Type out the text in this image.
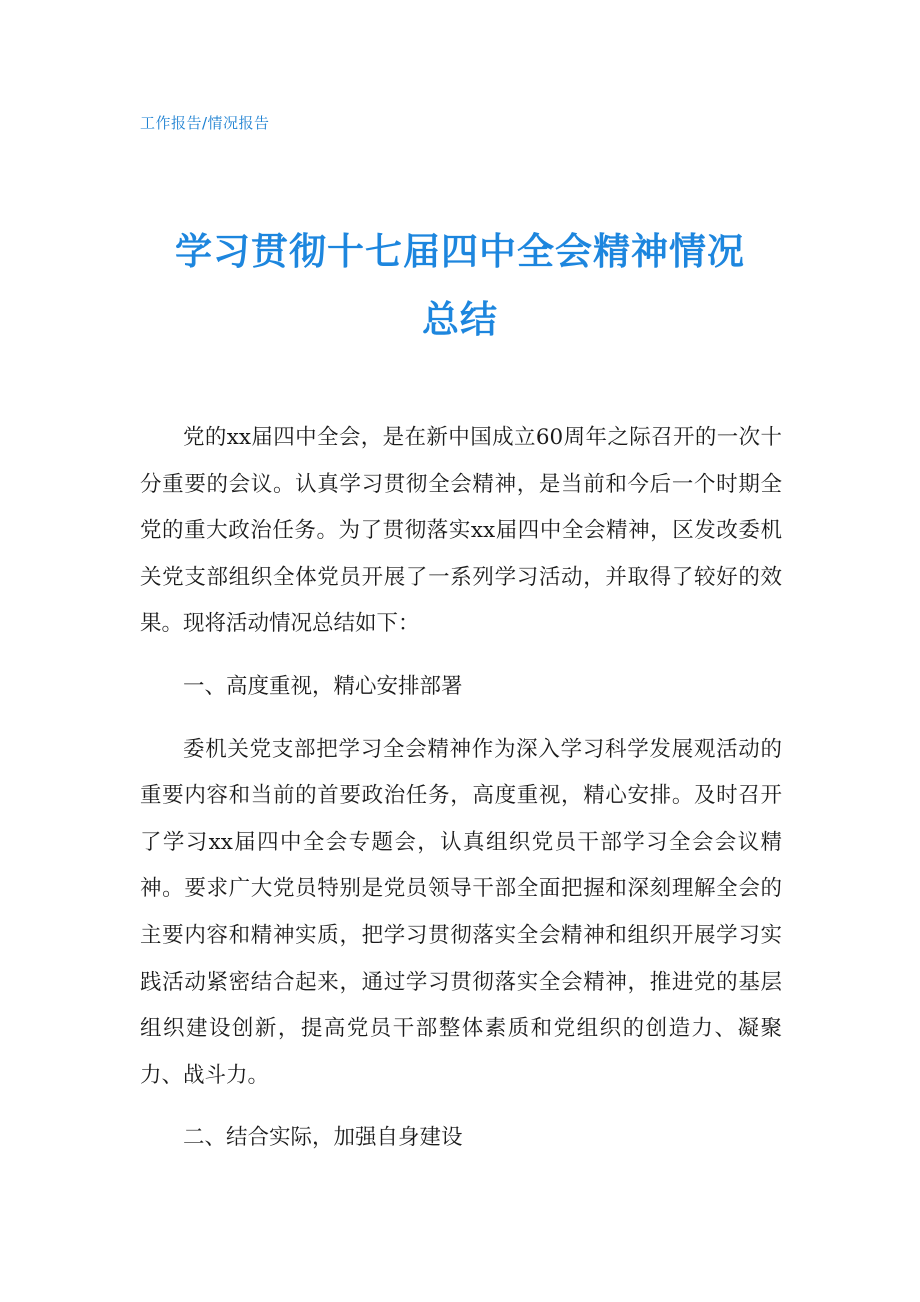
工作报告/情况报告
学习贯彻十七届四中全会精神情况
总结

党的xx届四中全会，是在新中国成立60周年之际召开的一次十分重要的会议。认真学习贯彻全会精神，是当前和今后一个时期全党的重大政治任务。为了贯彻落实xx届四中全会精神，区发改委机关党支部组织全体党员开展了一系列学习活动，并取得了较好的效果。现将活动情况总结如下：

一、高度重视，精心安排部署

委机关党支部把学习全会精神作为深入学习科学发展观活动的重要内容和当前的首要政治任务，高度重视，精心安排。及时召开了学习xx届四中全会专题会，认真组织党员干部学习全会会议精神。要求广大党员特别是党员领导干部全面把握和深刻理解全会的主要内容和精神实质，把学习贯彻落实全会精神和组织开展学习实践活动紧密结合起来，通过学习贯彻落实全会精神，推进党的基层组织建设创新，提高党员干部整体素质和党组织的创造力、凝聚力、战斗力。

二、结合实际，加强自身建设
